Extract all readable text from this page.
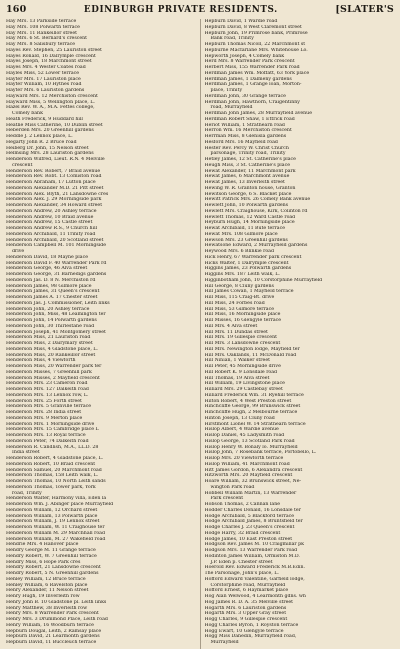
160	EDINBURGH PRIVATE RESIDENTS.	[SLATER'S
Hay Mrs. 13 Parkside terrace
Hay Mrs. 108 Polwarth terrace
Hay Mrs. 11 Rankeillor street
Hay Mrs. 6 St. Bernard's crescent
Hay Mrs. 8 Salisbury terrace
Hayes Rev. Stephen, 25 Lauriston street
Hayes Ronald, 16 Dalrymple crescent
Hayes Joseph, 18 Marchmont street
Hayes Mrs. 4 Wester Coates road
Hayles Miss, 52 Lower terrace
Hayter Mrs. 17 Lauriston place
Hayter William, 10 Hythes road
Hayter Mrs. 6 Lauriston gardens
Hayward Mrs. 12 Merchiston crescent
Hayward Miss, 5 Wellington place, L.
Hazel Rev. W. A., M.A. Fettes college,
Comely bank
Heath Frederick, 9 Huddard hill
Heatlie Miss Catherine, 10 Dublin street
Heberden Mrs. 20 Greenhill gardens
Heddle J. 2 Lennox place, L.
Hegarty John R. 2 Bruce road
Heiberg Dr. John, 15 Nelson street
Helmsing Mrs. 28 Lauriston gardens
Henderson Wilfred, Lieut. R.N. 4 Melville
crescent
Henderson Rev. Robert, 7 Braid avenue
Henderson Rev. Robt. 13 Comiston road
Henderson Abraham, 17 Lutton place
Henderson Alexander M.D. 21 Pitt street
Henderson Alex. Blyth, 21 Lansdowne cres
Henderson Alex. J. 29 Morningside park
Henderson Alexander, 34 Howard street
Henderson Andrew, 20 Ashley terrace
Henderson Andrew, 10 Braid avenue
Henderson Andrew, 15 Castle street
Henderson Andrew R.S., 9 Church hill
Henderson Archibald, 11 Trinity road
Henderson Archibald, 20 Scotland street
Henderson Campbell M. 101 Morningside
drive
Henderson David, 18 Mayne place
Henderson David F. 40 Warrender Park rd
Henderson George, 46 Alva street
Henderson George, 31 Barnedigs gardens
Henderson Jas. D. 8 N. Merchiston rd
Henderson James, 98 Gilmore place
Henderson James, 31 Queen's crescent
Henderson James A. 17 Chester street
Henderson Jas. J. Commissioner, Leith links
Henderson John, 20 Ashley terrace
Henderson John, Miss, 48 Leamington ter
Henderson John, 14 Polwarth gardens
Henderson John, 30 Thirlestane road
Henderson Joseph, 41 Montgomery street
Henderson Miss, 21 Lauriston road
Henderson Miss, 2 Dairymary street
Henderson Miss, 4 Gladstone place, L.
Henderson Miss, 20 Rankeillor street
Henderson Miss, 4 Viewforth
Henderson Miss, 20 Warrender park ter
Henderson Misses, 7 Greenhill park
Henderson Misses, 2 Mayfield crescent
Henderson Mrs. 23 Cameron road
Henderson Mrs. 127 Dalkeith road
Henderson Mrs. 13 Lennox row, L.
Henderson Mrs. 25 Forth street
Henderson Mrs. 5 Granville terrace
Henderson Mrs. 28 India street
Henderson Mrs. 9 Merton place
Henderson Mrs. 1 Morningside drive
Henderson Mrs. 15 Cambridge place L
Henderson Mrs. 13 Royal terrace
Henderson Peter, 74 Dalkeith road
Henderson R. Candlish, M.A., LL.D. 28
India street
Henderson Robert, 4 Gladstone place, L.
Henderson Robert, 10 Braid crescent
Henderson Samuel, 20 Marchmont road
Henderson Thomas, 158 Leith walk, L.
Henderson Thomas, 10 North Leith sands
Henderson Thomas, Tower park, York
road, Trinity
Henderson Walter, Harmony villa, Eden la
Henderson Wm. J. Abinger place Murrayfield
Henderson William, 12 Orchard street
Henderson William, 13 Polwarth place
Henderson William, J. 19 Lennox street
Henderson William, W. 11 Craighouse ter
Henderson William M. 29 Marchhall road
Henderson William, M. 27 Wakefield road
Hendrie Mrs. 4 Hanover place
Hendry George M. 11 Grange terrace
Hendry Robert, W. 7 Greenhill terrace
Hendry Miss, 6 Hope Park cres
Hendry Robert, 21 Lansdowne crescent
Hendry Robert, 5 N. Greenhill gardens
Henley William, 12 Bruce terrace
Henley William, 6 Ravelston place
Henry Alexander, 11 Nelson street
Henry Hugh, 19 Inverleith row
Henry John B. 10 Gladstone pl. Leith links
Henry Matthew, 38 Inverleith row
Henry Mrs. 8 Warrender Park crescent
Henry Mrs. 3 Drummond Place, Leith road
Henry William, 16 Woodburn terrace
Hepburn Dougal, Leith, 2 Ramsay place
Hepburn David, 21 Learmonth gardens
Hepburn David, 11 Buccleuch terrace
Hepburn David, 1 Wardie road
Hepburn David, 8 West Claremont street
Hepburn John, 19 Primrose bank, Primrose
Bank road, Trinity
Hepburn Thomas Nicoll, 22 Marchmont st
Hepburne Macfarlane Mrs. Whitehouse Lo.
Hepworth Joseph, 4 Comely bank
Herd Mrs. 8 Warrender Park crescent
Herbert Miss, 155 Warrender Park road
Herdman James Wm. Moffatt, 63 York place
Herdman James, 1 Dalmeny gardens
Herdman James, 1 Grange loan, Morton-
place, Trinity
Herdman John, 30 Grange terrace
Herdman John, Hawthorn, Craigentinny
road, Murrayfield
Herdman John James, 28 Murrayfield avenue
Herdman Robert Shaw, 1 Ettrick road
Heriot William, 1 Strathearn road
Herron Wm. 16 Merchiston crescent
Herrman Miss, 8 Glenisla gardens
Hesford Mrs. 16 Mayfield road
Hester Rev. Percy W. Christ Church
parsonage, Trinity road, Trinity
Hetley James, 12 St. Catherine's place
Heugh Miss, 3 St. Catherine's place
Hewat Alexander, 11 Marchmont park
Hewat James, 6 Marchmont avenue
Hewat James, 13 Inverleith street
Hewing W. R. Granton house, Granton
Hewitson George, 6 S. Blacket place
Hewitt Patrick Mrs. 26 Comely Bank avenue
Hewlett John, 10 Polwarth gardens
Hewlett Mrs. Craighouse, Kirk, Colinton rd
Hewlett Thomas, 12 Ward Castle road
Heyburn Hugh, 14 Morningside place
Hewat Archibald, 11 Bute terrace
Hewat Mrs. 108 Gilmore place
Hewson Mrs. 23 Greenhill gardens
Hewatsone Edward, 2 Murrayfield gardens
Heywood Mrs. 6 Blinkie road
Hick Henry, 67 Warrender park crescent
Hicks Walter, 1 Dalrymple crescent
Higgins James, 23 Polwarth gardens
Higgins Mrs. 187 Leith walk, L.
Higginbotham John, 10 Corstorphine Murrayfield
Hill George, 8 Cluny gardens
Hill James Cowan, 1 Mayfield terrace
Hill Miss, 115 Craig-Bt. drive
Hill Miss, 24 Forbes road
Hill Miss, 53 Gilmore terrace
Hill Miss, 16 Morningside place
Hill Misses, 16 Glengyle terrace
Hill Mrs. 4 Alva street
Hill Mrs. 11 Dundas street
Hill Mrs. 19 Gillespie crescent
Hill Mrs. 3 Lansdowne crescent
Hill Mrs. Newington lodge, Mayfield ter
Hill Mrs. Oaklands, 11 McDonald road
Hill Ninian, 1 Walker street
Hill Peter, 45 Morningside drive
Hill Robert K. 9 Lonsdale road
Hill Thomas, 19 Alva street
Hill William, 19 Livingstone place
Hilliard Mrs. 29 Castlebay street
Hilliard Frederick Wm. 31 Ryehill terrace
Hilton Robert, 4 West Preston street
Hinchcliffe George, 99 Brunswick street
Hinchcliffe Hugh, 2 Melbourne terrace
Hinton Joseph, 13 Cluny road
Hirstmont Lionel W. 14 Strathearn terrace
Hislop Albert, 4 Wardie avenue
Hislop Daniel, 45 Ladysmith road
Hislop George, 13 Scotland Park road
Hislop Henry W. Bonaly lo. Murrayfield
Hislop John, 7 Rosebank terrace, Portobello, L.
Hislop Mrs. 20 Viewforth terrace
Hislop William, 41 Marchmont road
Hitt James Gordon, 6 Alexandra crescent
Hitzworth Mrs. 20 Mayfield crescent
Hoare William, 32 Brunswick street, Ne-
wington Park road
Hobbell William Martin, 13 Warrender
Park crescent
Hobson Thomas, 2 Cannan lane
Hodder Charles Donald, 16 Lonsdale ter
Hodge Archibald, 5 Blackford terrace
Hodge Archibald James, 8 Bruntsfield ter
Hodge Charles J. 23 Queen's crescent
Hodge Harry, 32 Braid crescent
Hodge James, 10 East Preston street
Hodgson Rev. James M. 10 Craigmillar pk
Hodgson Mrs. 13 Warrender Park road
Hodinton James William, Ormiston M.D.
J.P. Eden p. Chester street
Hoerold Rev. Edward Frederick M.B.Edin.
The Parsonage, John's place, L.
Hofford Edward Valentine, Garfield lodge,
Corstorphine road, Murrayfield
Hofford Ernest, 6 Haymarket place
Hog Alan Welwood, 4 Learmonth gdns. wh
Hog James R. D. A. 35 Melville street
Hogarth Mrs. 6 Lauriston gardens
Hogarth Mrs. 3 Upper Gray street
Hogg Charles, 9 Gillespie crescent
Hogg Charles Byron, 1 Royston terrace
Hogg Ewart, 10 Glengyle terrace
Hogg Miss Danedin, Murrayfield road,
Murrayfield
